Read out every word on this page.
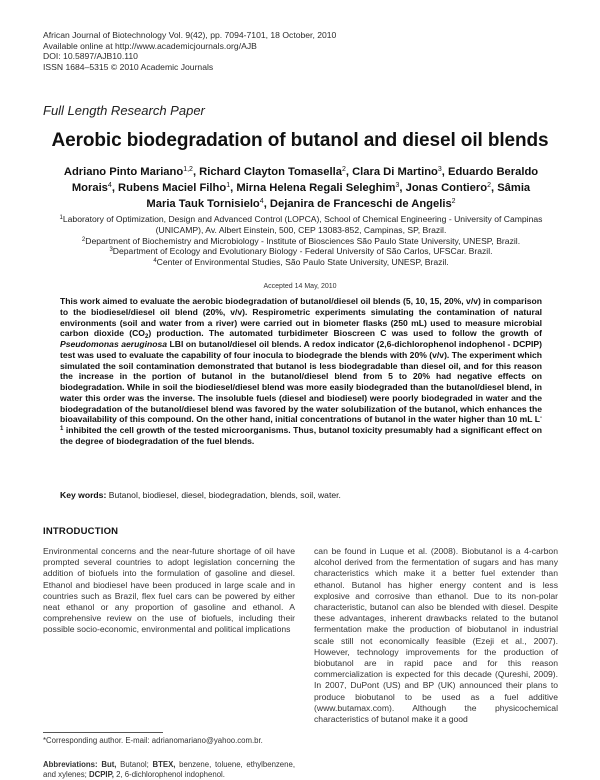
African Journal of Biotechnology Vol. 9(42), pp. 7094-7101, 18 October, 2010
Available online at http://www.academicjournals.org/AJB
DOI: 10.5897/AJB10.110
ISSN 1684–5315 © 2010 Academic Journals
Full Length Research Paper
Aerobic biodegradation of butanol and diesel oil blends
Adriano Pinto Mariano$^{1,2}$, Richard Clayton Tomasella$^2$, Clara Di Martino$^3$, Eduardo Beraldo Morais$^4$, Rubens Maciel Filho$^1$, Mirna Helena Regali Seleghim$^3$, Jonas Contiero$^2$, Sâmia Maria Tauk Tornisielo$^4$, Dejanira de Franceschi de Angelis$^2$
$^1$Laboratory of Optimization, Design and Advanced Control (LOPCA), School of Chemical Engineering - University of Campinas (UNICAMP), Av. Albert Einstein, 500, CEP 13083-852, Campinas, SP, Brazil.
$^2$Department of Biochemistry and Microbiology - Institute of Biosciences São Paulo State University, UNESP, Brazil.
$^3$Department of Ecology and Evolutionary Biology - Federal University of São Carlos, UFSCar. Brazil.
$^4$Center of Environmental Studies, São Paulo State University, UNESP, Brazil.
Accepted 14 May, 2010
This work aimed to evaluate the aerobic biodegradation of butanol/diesel oil blends (5, 10, 15, 20%, v/v) in comparison to the biodiesel/diesel oil blend (20%, v/v). Respirometric experiments simulating the contamination of natural environments (soil and water from a river) were carried out in biometer flasks (250 mL) used to measure microbial carbon dioxide $(CO_2)$ production. The automated turbidimeter Bioscreen C was used to follow the growth of Pseudomonas aeruginosa LBI on butanol/diesel oil blends. A redox indicator (2,6-dichlorophenol indophenol - DCPIP) test was used to evaluate the capability of four inocula to biodegrade the blends with 20% (v/v). The experiment which simulated the soil contamination demonstrated that butanol is less biodegradable than diesel oil, and for this reason the increase in the portion of butanol in the butanol/diesel blend from 5 to 20% had negative effects on biodegradation. While in soil the biodiesel/diesel blend was more easily biodegraded than the butanol/diesel blend, in water this order was the inverse. The insoluble fuels (diesel and biodiesel) were poorly biodegraded in water and the biodegradation of the butanol/diesel blend was favored by the water solubilization of the butanol, which enhances the bioavailability of this compound. On the other hand, initial concentrations of butanol in the water higher than 10 mL $L^{-1}$ inhibited the cell growth of the tested microorganisms. Thus, butanol toxicity presumably had a significant effect on the degree of biodegradation of the fuel blends.
Key words: Butanol, biodiesel, diesel, biodegradation, blends, soil, water.
INTRODUCTION
Environmental concerns and the near-future shortage of oil have prompted several countries to adopt legislation concerning the addition of biofuels into the formulation of gasoline and diesel. Ethanol and biodiesel have been produced in large scale and in countries such as Brazil, flex fuel cars can be powered by either neat ethanol or any proportion of gasoline and ethanol. A comprehensive review on the use of biofuels, including their possible socio-economic, environmental and political implications
can be found in Luque et al. (2008). Biobutanol is a 4-carbon alcohol derived from the fermentation of sugars and has many characteristics which make it a better fuel extender than ethanol. Butanol has higher energy content and is less explosive and corrosive than ethanol. Due to its non-polar characteristic, butanol can also be blended with diesel. Despite these advantages, inherent drawbacks related to the butanol fermentation make the production of biobutanol in industrial scale still not economically feasible (Ezeji et al., 2007). However, technology improvements for the production of biobutanol are in rapid pace and for this reason commercialization is expected for this decade (Qureshi, 2009). In 2007, DuPont (US) and BP (UK) announced their plans to produce biobutanol to be used as a fuel additive (www.butamax.com). Although the physicochemical characteristics of butanol make it a good
*Corresponding author. E-mail: adrianomariano@yahoo.com.br.
Abbreviations: But, Butanol; BTEX, benzene, toluene, ethylbenzene, and xylenes; DCPIP, 2, 6-dichlorophenol indophenol.
